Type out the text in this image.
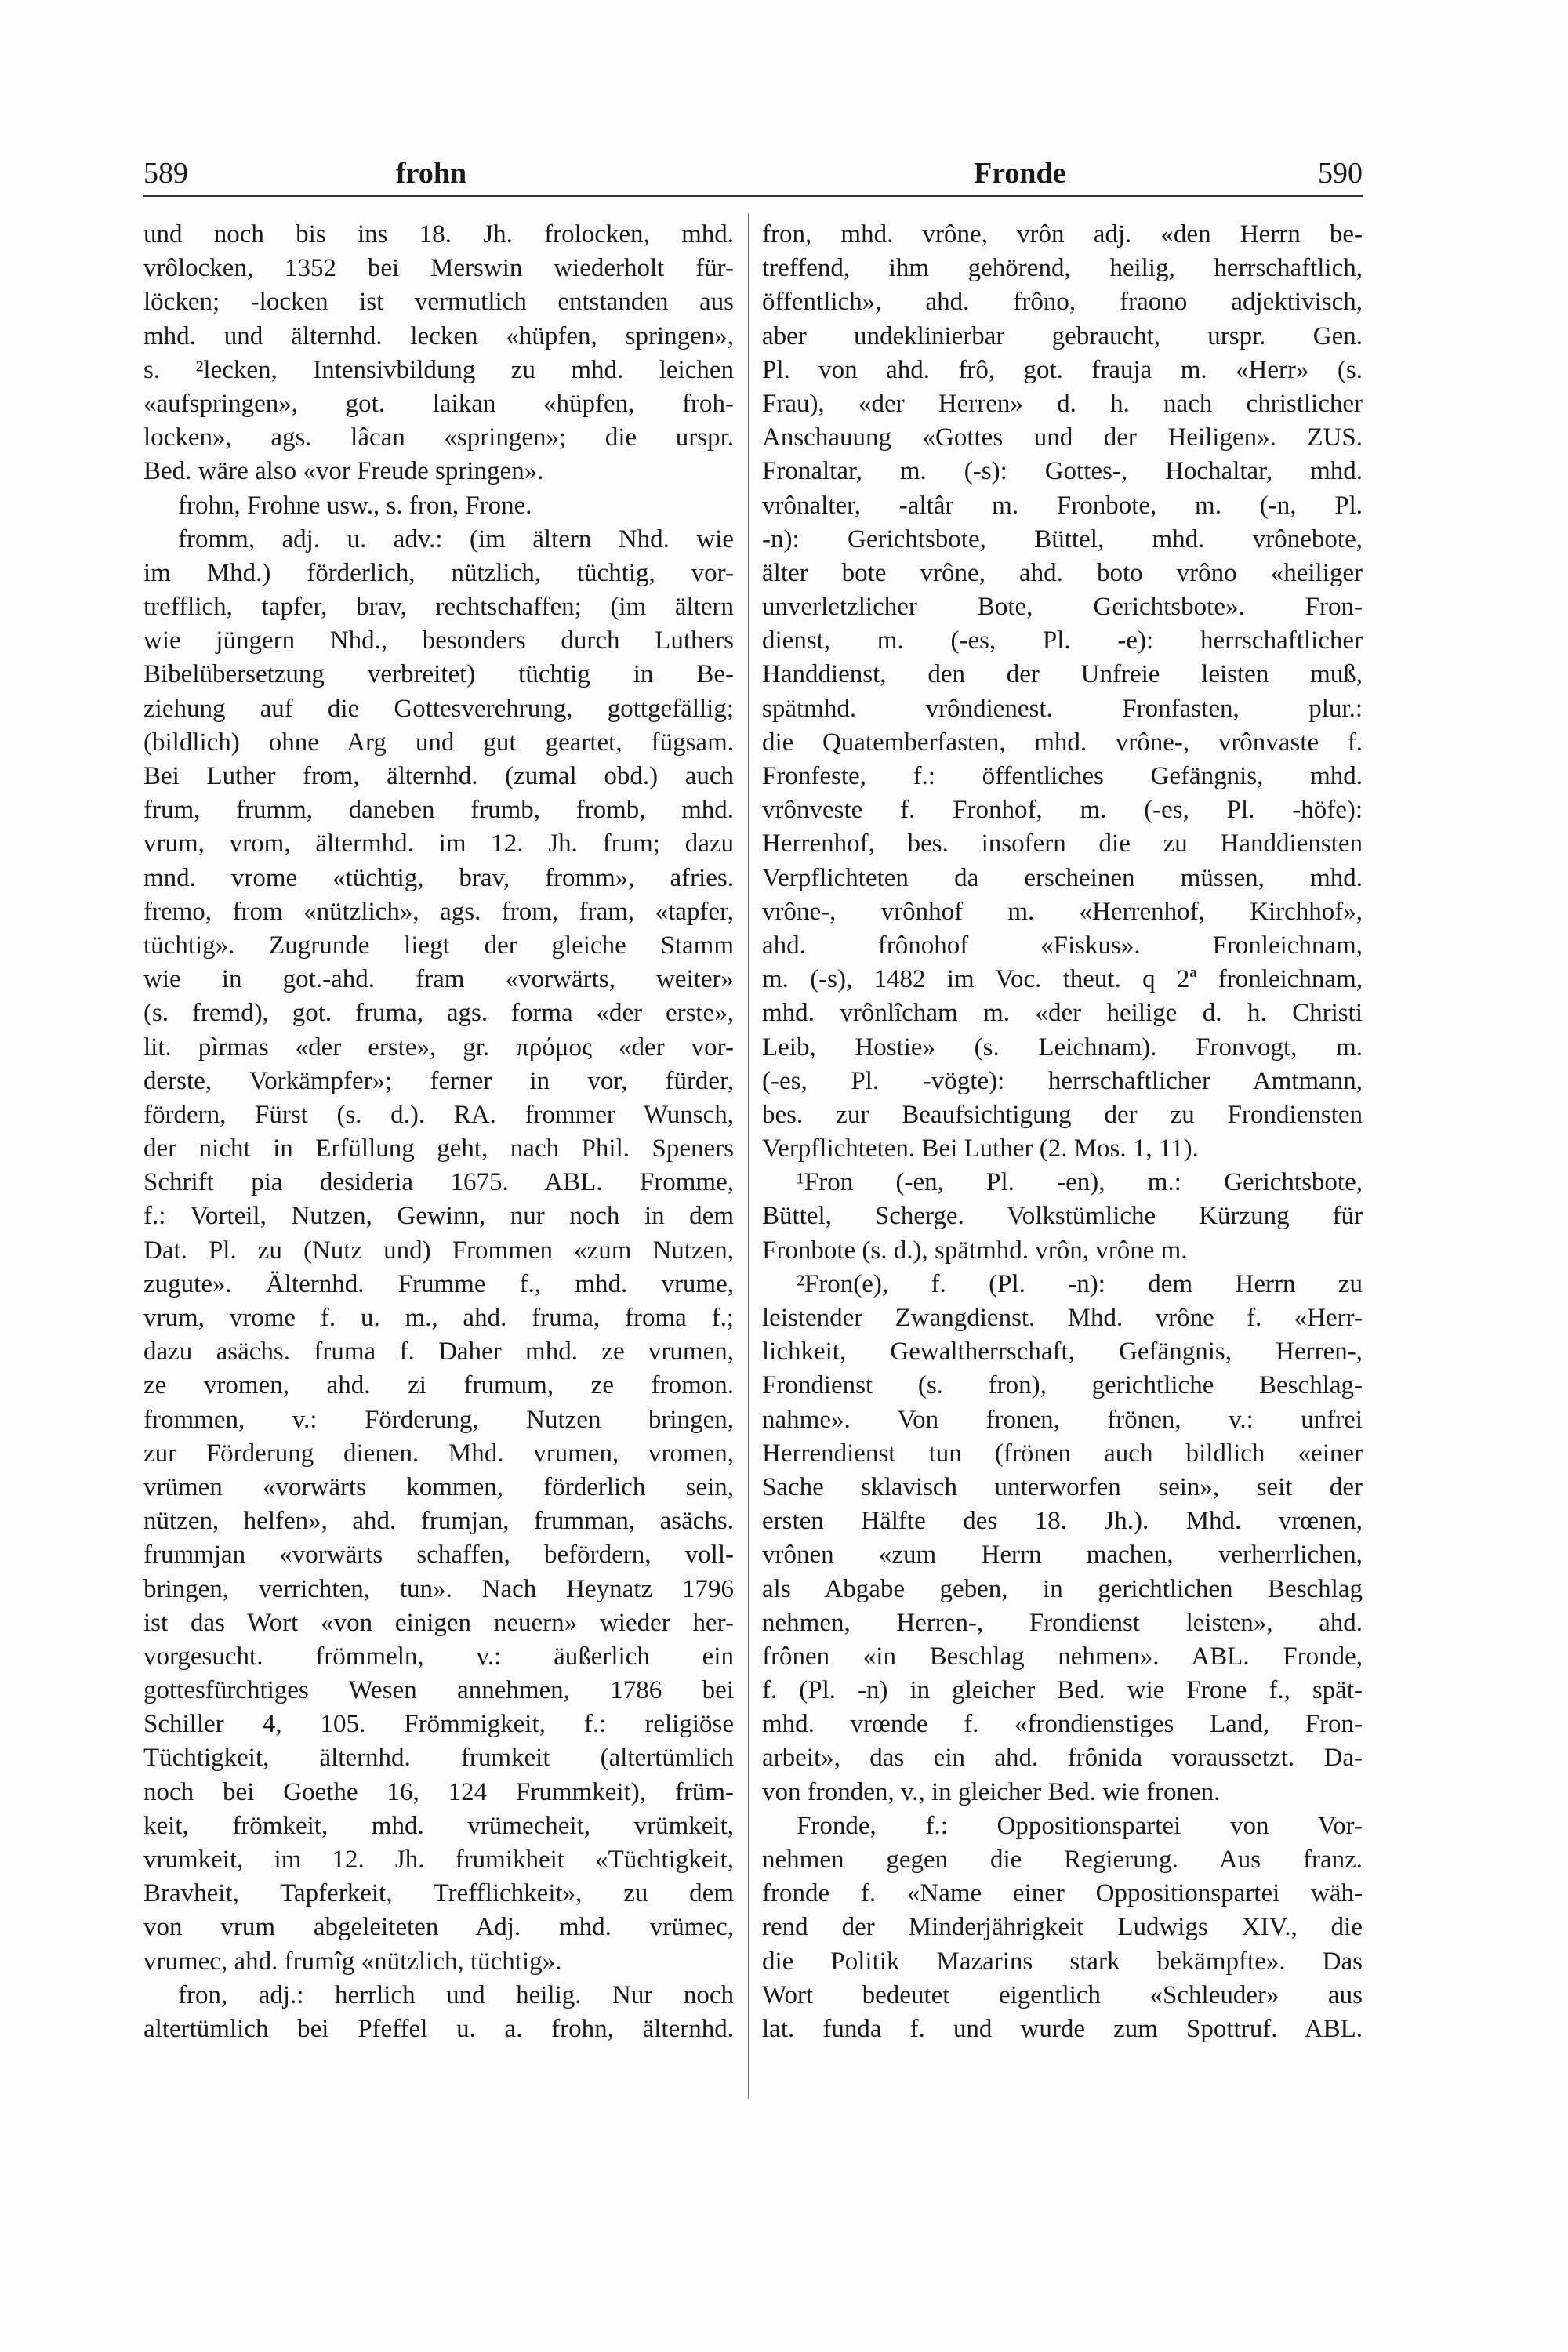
589	frohn	Fronde	590
und noch bis ins 18. Jh. frolocken, mhd.
vrôlocken, 1352 bei Merswin wiederholt für-
löcken; -locken ist vermutlich entstanden aus
mhd. und älternhd. lecken «hüpfen, springen»,
s. ²lecken, Intensivbildung zu mhd. leichen
«aufspringen», got. laikan «hüpfen, froh-
locken», ags. lâcan «springen»; die urspr.
Bed. wäre also «vor Freude springen».
frohn, Frohne usw., s. fron, Frone.
fromm, adj. u. adv.: (im ältern Nhd. wie
im Mhd.) förderlich, nützlich, tüchtig, vor-
trefflich, tapfer, brav, rechtschaffen; (im ältern
wie jüngern Nhd., besonders durch Luthers
Bibelübersetzung verbreitet) tüchtig in Be-
ziehung auf die Gottesverehrung, gottgefällig;
(bildlich) ohne Arg und gut geartet, fügsam.
Bei Luther from, älternhd. (zumal obd.) auch
frum, frumm, daneben frumb, fromb, mhd.
vrum, vrom, ältermhd. im 12. Jh. frum; dazu
mnd. vrome «tüchtig, brav, fromm», afries.
fremo, from «nützlich», ags. from, fram, «tapfer,
tüchtig». Zugrunde liegt der gleiche Stamm
wie in got.-ahd. fram «vorwärts, weiter»
(s. fremd), got. fruma, ags. forma «der erste»,
lit. pìrmas «der erste», gr. πρόμος «der vor-
derste, Vorkämpfer»; ferner in vor, fürder,
fördern, Fürst (s. d.). RA. frommer Wunsch,
der nicht in Erfüllung geht, nach Phil. Speners
Schrift pia desideria 1675. ABL. Fromme,
f.: Vorteil, Nutzen, Gewinn, nur noch in dem
Dat. Pl. zu (Nutz und) Frommen «zum Nutzen,
zugute». Älternhd. Frumme f., mhd. vrume,
vrum, vrome f. u. m., ahd. fruma, froma f.;
dazu asächs. fruma f. Daher mhd. ze vrumen,
ze vromen, ahd. zi frumum, ze fromon.
frommen, v.: Förderung, Nutzen bringen,
zur Förderung dienen. Mhd. vrumen, vromen,
vrümen «vorwärts kommen, förderlich sein,
nützen, helfen», ahd. frumjan, frumman, asächs.
frummjan «vorwärts schaffen, befördern, voll-
bringen, verrichten, tun». Nach Heynatz 1796
ist das Wort «von einigen neuern» wieder her-
vorgesucht. frömmeln, v.: äußerlich ein
gottesfürchtiges Wesen annehmen, 1786 bei
Schiller 4, 105. Frömmigkeit, f.: religiöse
Tüchtigkeit, älternhd. frumkeit (altertümlich
noch bei Goethe 16, 124 Frummkeit), früm-
keit, frömkeit, mhd. vrümecheit, vrümkeit,
vrumkeit, im 12. Jh. frumikheit «Tüchtigkeit,
Bravheit, Tapferkeit, Trefflichkeit», zu dem
von vrum abgeleiteten Adj. mhd. vrümec,
vrumec, ahd. frumîg «nützlich, tüchtig».
fron, adj.: herrlich und heilig. Nur noch
altertümlich bei Pfeffel u. a. frohn, älternhd.
fron, mhd. vrône, vrôn adj. «den Herrn be-
treffend, ihm gehörend, heilig, herrschaftlich,
öffentlich», ahd. frôno, fraono adjektivisch,
aber undeklinierbar gebraucht, urspr. Gen.
Pl. von ahd. frô, got. frauja m. «Herr» (s.
Frau), «der Herren» d. h. nach christlicher
Anschauung «Gottes und der Heiligen». ZUS.
Fronaltar, m. (-s): Gottes-, Hochaltar, mhd.
vrônalter, -altâr m. Fronbote, m. (-n, Pl.
-n): Gerichtsbote, Büttel, mhd. vrônebote,
älter bote vrône, ahd. boto vrôno «heiliger
unverletzlicher Bote, Gerichtsbote». Fron-
dienst, m. (-es, Pl. -e): herrschaftlicher
Handdienst, den der Unfreie leisten muß,
spätmhd. vrôndienest. Fronfasten, plur.:
die Quatemberfasten, mhd. vrône-, vrônvaste f.
Fronfeste, f.: öffentliches Gefängnis, mhd.
vrônveste f. Fronhof, m. (-es, Pl. -höfe):
Herrenhof, bes. insofern die zu Handdiensten
Verpflichteten da erscheinen müssen, mhd.
vrône-, vrônhof m. «Herrenhof, Kirchhof»,
ahd. frônohof «Fiskus». Fronleichnam,
m. (-s), 1482 im Voc. theut. q 2ª fronleichnam,
mhd. vrônlîcham m. «der heilige d. h. Christi
Leib, Hostie» (s. Leichnam). Fronvogt, m.
(-es, Pl. -vögte): herrschaftlicher Amtmann,
bes. zur Beaufsichtigung der zu Frondiensten
Verpflichteten. Bei Luther (2. Mos. 1, 11).
¹Fron (-en, Pl. -en), m.: Gerichtsbote,
Büttel, Scherge. Volkstümliche Kürzung für
Fronbote (s. d.), spätmhd. vrôn, vrône m.
²Fron(e), f. (Pl. -n): dem Herrn zu
leistender Zwangdienst. Mhd. vrône f. «Herr-
lichkeit, Gewaltherrschaft, Gefängnis, Herren-,
Frondienst (s. fron), gerichtliche Beschlag-
nahme». Von fronen, frönen, v.: unfrei
Herrendienst tun (frönen auch bildlich «einer
Sache sklavisch unterworfen sein», seit der
ersten Hälfte des 18. Jh.). Mhd. vrœnen,
vrônen «zum Herrn machen, verherrlichen,
als Abgabe geben, in gerichtlichen Beschlag
nehmen, Herren-, Frondienst leisten», ahd.
frônen «in Beschlag nehmen». ABL. Fronde,
f. (Pl. -n) in gleicher Bed. wie Frone f., spät-
mhd. vrœnde f. «frondienstiges Land, Fron-
arbeit», das ein ahd. frônida voraussetzt. Da-
von fronden, v., in gleicher Bed. wie fronen.
Fronde, f.: Oppositionspartei von Vor-
nehmen gegen die Regierung. Aus franz.
fronde f. «Name einer Oppositionspartei wäh-
rend der Minderjährigkeit Ludwigs XIV., die
die Politik Mazarins stark bekämpfte». Das
Wort bedeutet eigentlich «Schleuder» aus
lat. funda f. und wurde zum Spottruf. ABL.
